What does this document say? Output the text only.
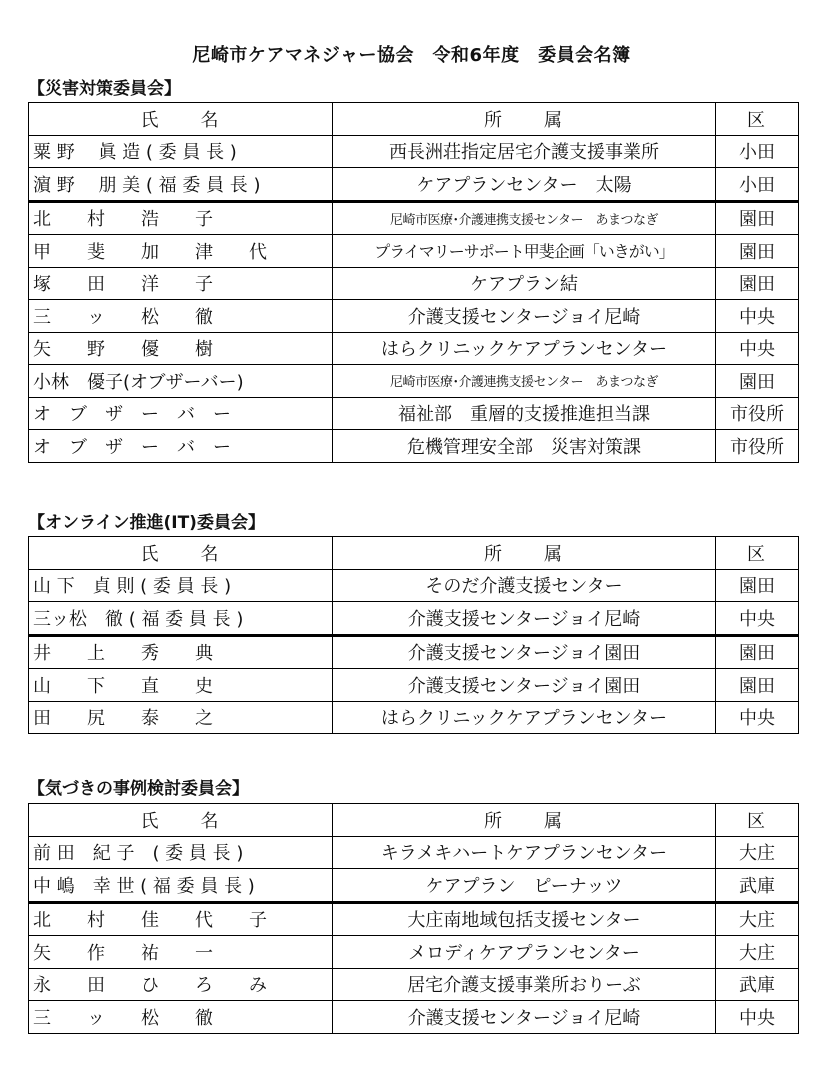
尼崎市ケアマネジャー協会　令和6年度　委員会名簿
【災害対策委員会】
氏　　名	所　　属	区
粟 野　 眞 造 ( 委 員 長 )	西長洲荘指定居宅介護支援事業所	小田
濵 野　 朋 美 ( 福 委 員 長 )	ケアプランセンター　太陽	小田
北　　村　　浩　　子	尼崎市医療･介護連携支援センター　あまつなぎ	園田
甲　　斐　　加　　津　　代	プライマリーサポート甲斐企画「いきがい」	園田
塚　　田　　洋　　子	ケアプラン結	園田
三　　ッ　　松　　徹	介護支援センタージョイ尼崎	中央
矢　　野　　優　　樹	はらクリニックケアプランセンター	中央
小林　優子(オブザーバー)	尼崎市医療･介護連携支援センター　あまつなぎ	園田
オ　ブ　ザ　ー　バ　ー	福祉部　重層的支援推進担当課	市役所
オ　ブ　ザ　ー　バ　ー	危機管理安全部　災害対策課	市役所
【オンライン推進(IT)委員会】
氏　　名	所　　属	区
山 下　貞 則 ( 委 員 長 )	そのだ介護支援センター	園田
三ッ松　徹 ( 福 委 員 長 )	介護支援センタージョイ尼崎	中央
井　　上　　秀　　典	介護支援センタージョイ園田	園田
山　　下　　直　　史	介護支援センタージョイ園田	園田
田　　尻　　泰　　之	はらクリニックケアプランセンター	中央
【気づきの事例検討委員会】
氏　　名	所　　属	区
前 田　紀 子　( 委 員 長 )	キラメキハートケアプランセンター	大庄
中 嶋　幸 世 ( 福 委 員 長 )	ケアプラン　ピーナッツ	武庫
北　　村　　佳　　代　　子	大庄南地域包括支援センター	大庄
矢　　作　　祐　　一	メロディケアプランセンター	大庄
永　　田　　ひ　　ろ　　み	居宅介護支援事業所おりーぶ	武庫
三　　ッ　　松　　徹	介護支援センタージョイ尼崎	中央
